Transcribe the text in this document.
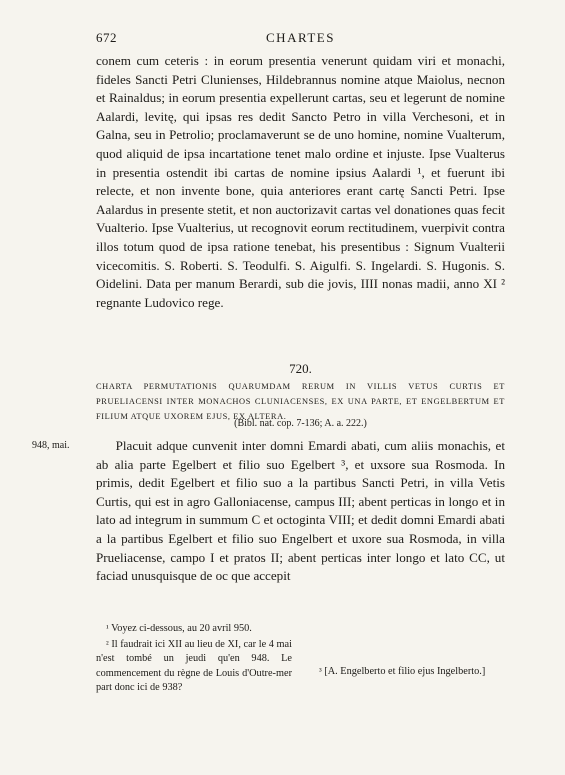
672	CHARTES

conem cum ceteris : in eorum presentia venerunt quidam viri et monachi, fideles Sancti Petri Clunienses, Hildebrannus nomine atque Maiolus, necnon et Rainaldus; in eorum presentia expellerunt cartas, seu et legerunt de nomine Aalardi, levitę, qui ipsas res dedit Sancto Petro in villa Verchesoni, et in Galna, seu in Petrolio; proclamaverunt se de uno homine, nomine Vualterum, quod aliquid de ipsa incartatione tenet malo ordine et injuste. Ipse Vualterus in presentia ostendit ibi cartas de nomine ipsius Aalardi ¹, et fuerunt ibi relecte, et non invente bone, quia anteriores erant cartę Sancti Petri. Ipse Aalardus in presente stetit, et non auctorizavit cartas vel donationes quas fecit Vualterio. Ipse Vualterius, ut recognovit eorum rectitudinem, vuerpivit contra illos totum quod de ipsa ratione tenebat, his presentibus : Signum Vualterii vicecomitis. S. Roberti. S. Teodulfi. S. Aigulfi. S. Ingelardi. S. Hugonis. S. Oidelini. Data per manum Berardi, sub die jovis, IIII nonas madii, anno XI ² regnante Ludovico rege.

720.
CHARTA PERMUTATIONIS QUARUMDAM RERUM IN VILLIS VETUS CURTIS ET PRUELIACENSI INTER MONACHOS CLUNIACENSES, EX UNA PARTE, ET ENGELBERTUM ET FILIUM ATQUE UXOREM EJUS, EX ALTERA.
(Bibl. nat. cop. 7-136; A. a. 222.)
948, mai.	Placuit adque cunvenit inter domni Emardi abati, cum aliis monachis, et ab alia parte Egelbert et filio suo Egelbert ³, et uxsore sua Rosmoda. In primis, dedit Egelbert et filio suo a la partibus Sancti Petri, in villa Vetis Curtis, qui est in agro Galloniacense, campus III; abent perticas in longo et in lato ad integrum in summum C et octoginta VIII; et dedit domni Emardi abati a la partibus Egelbert et filio suo Engelbert et uxore sua Rosmoda, in villa Prueliacense, campo I et pratos II; abent perticas inter longo et lato CC, ut faciad unusquisque de oc que accepit

¹ Voyez ci-dessous, au 20 avril 950.

² Il faudrait ici XII au lieu de XI, car le 4 mai n'est tombé un jeudi qu'en 948. Le commencement du règne de Louis d'Outre-mer part donc ici de 938?

³ [A. Engelberto et filio ejus Ingelberto.]
